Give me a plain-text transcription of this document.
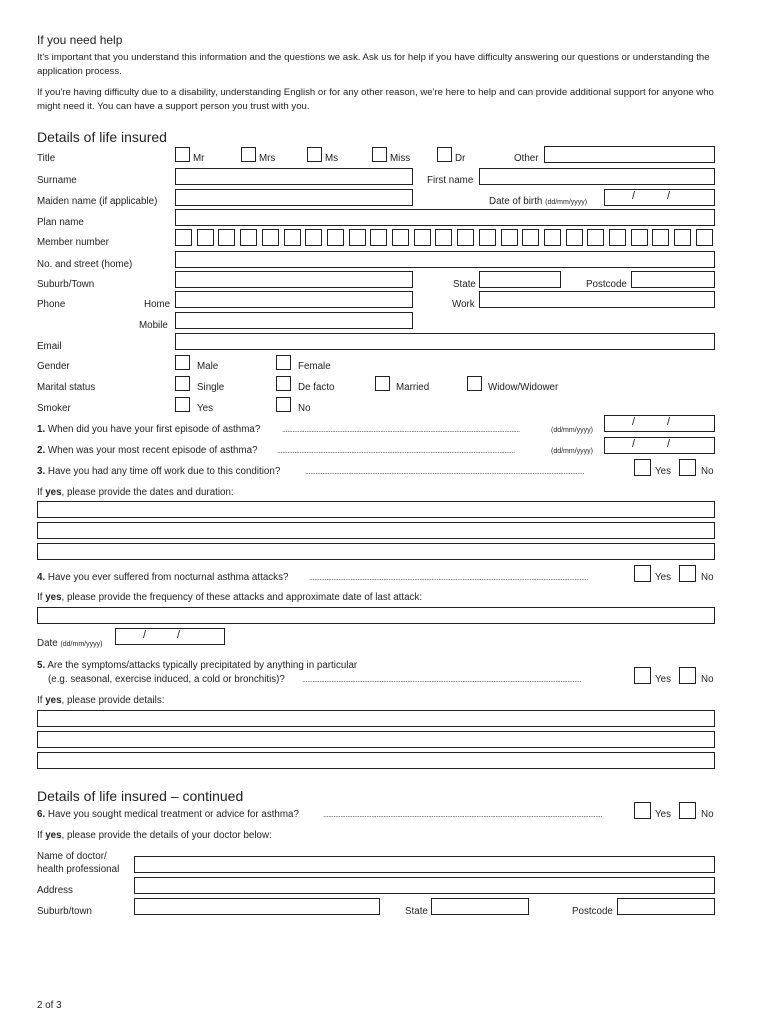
If you need help
It's important that you understand this information and the questions we ask. Ask us for help if you have difficulty answering our questions or understanding the application process.
If you're having difficulty due to a disability, understanding English or for any other reason, we're here to help and can provide additional support for anyone who might need it. You can have a support person you trust with you.
Details of life insured
Title	Mr	Mrs	Ms	Miss	Dr	Other
Surname	First name
Maiden name (if applicable)	Date of birth (dd/mm/yyyy)
/	/
Plan name
Member number
No. and street (home)
Suburb/Town	State	Postcode
Phone	Home	Work
Mobile
Email
Gender	Male	Female
Marital status	Single	De facto	Married	Widow/Widower
Smoker	Yes	No
1. When did you have your first episode of asthma?	..........................................................................................................................................	(dd/mm/yyyy)
/	/
2. When was your most recent episode of asthma? ..........................................................................................................................................	(dd/mm/yyyy)
/	/
3. Have you had any time off work due to this condition?	..................................................................................................................................................................	Yes	No
If yes, please provide the dates and duration:
4. Have you ever suffered from nocturnal asthma attacks?	..................................................................................................................................................................	Yes	No
If yes, please provide the frequency of these attacks and approximate date of last attack:
Date (dd/mm/yyyy)
/	/
5. Are the symptoms/attacks typically precipitated by anything in particular
(e.g. seasonal, exercise induced, a cold or bronchitis)? ..................................................................................................................................................................	Yes	No
If yes, please provide details:
Details of life insured – continued
6. Have you sought medical treatment or advice for asthma?	..................................................................................................................................................................	Yes	No
If yes, please provide the details of your doctor below:
Name of doctor/
health professional
Address
Suburb/town	State	Postcode
2 of 3
